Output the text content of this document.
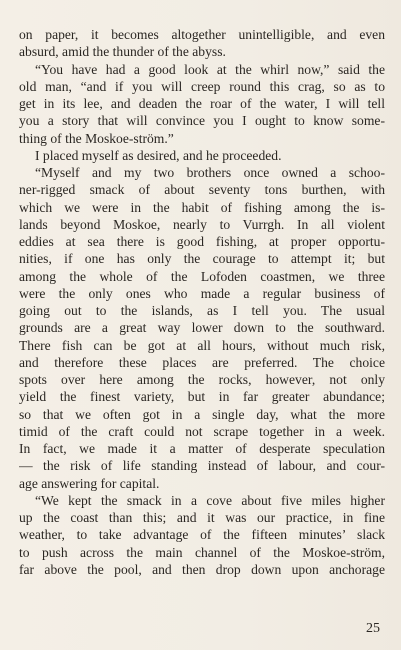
on paper, it becomes altogether unintelligible, and even
absurd, amid the thunder of the abyss.
“You have had a good look at the whirl now,” said the
old man, “and if you will creep round this crag, so as to
get in its lee, and deaden the roar of the water, I will tell
you a story that will convince you I ought to know some-
thing of the Moskoe-ström.”
I placed myself as desired, and he proceeded.
“Myself and my two brothers once owned a schoo-
ner-rigged smack of about seventy tons burthen, with
which we were in the habit of fishing among the is-
lands beyond Moskoe, nearly to Vurrgh. In all violent
eddies at sea there is good fishing, at proper opportu-
nities, if one has only the courage to attempt it; but
among the whole of the Lofoden coastmen, we three
were the only ones who made a regular business of
going out to the islands, as I tell you. The usual
grounds are a great way lower down to the southward.
There fish can be got at all hours, without much risk,
and therefore these places are preferred. The choice
spots over here among the rocks, however, not only
yield the finest variety, but in far greater abundance;
so that we often got in a single day, what the more
timid of the craft could not scrape together in a week.
In fact, we made it a matter of desperate speculation
— the risk of life standing instead of labour, and cour-
age answering for capital.
“We kept the smack in a cove about five miles higher
up the coast than this; and it was our practice, in fine
weather, to take advantage of the fifteen minutes’ slack
to push across the main channel of the Moskoe-ström,
far above the pool, and then drop down upon anchorage
25
